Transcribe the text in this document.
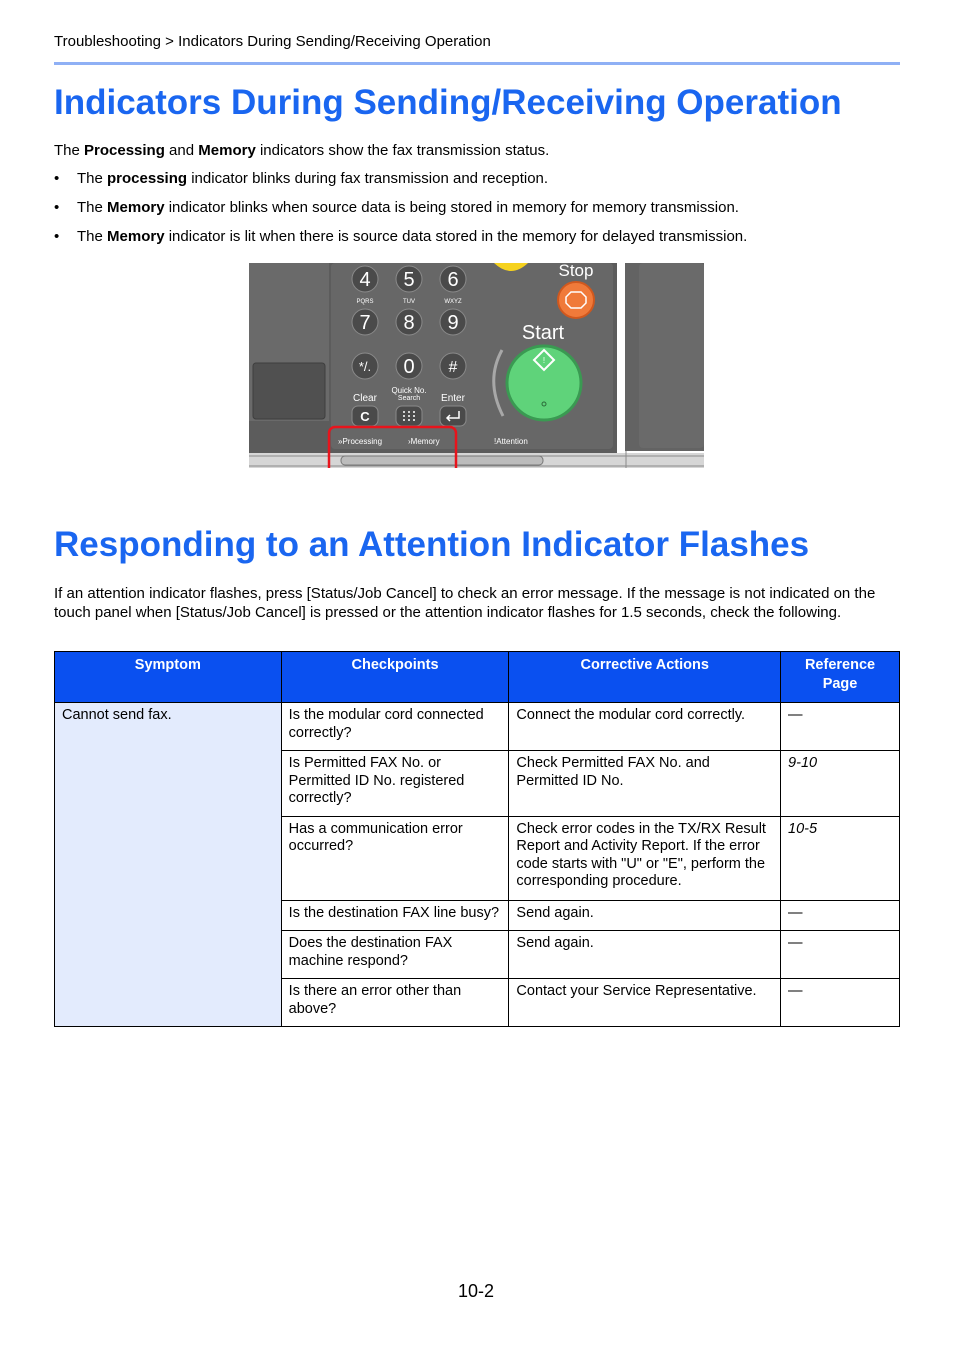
Troubleshooting > Indicators During Sending/Receiving Operation
Indicators During Sending/Receiving Operation

The Processing and Memory indicators show the fax transmission status.

• The processing indicator blinks during fax transmission and reception.
• The Memory indicator blinks when source data is being stored in memory for memory transmission.
• The Memory indicator is lit when there is source data stored in the memory for delayed transmission.
4 5 6
7 8 9
*/. 0 #
PQRS	TUV	WXYZ
Clear
Quick No.
Search Enter
C
»Processing	›Memory	!Attention
Stop
Start
!
Responding to an Attention Indicator Flashes

If an attention indicator flashes, press [Status/Job Cancel] to check an error message. If the message is not indicated on the touch panel when [Status/Job Cancel] is pressed or the attention indicator flashes for 1.5 seconds, check the following.

Symptom	Checkpoints	Corrective Actions	Reference Page
Cannot send fax.	Is the modular cord connected correctly?	Connect the modular cord correctly.	—
	Is Permitted FAX No. or Permitted ID No. registered correctly?	Check Permitted FAX No. and Permitted ID No.	9-10
	Has a communication error occurred?	Check error codes in the TX/RX Result Report and Activity Report. If the error code starts with "U" or "E", perform the corresponding procedure.	10-5
	Is the destination FAX line busy?	Send again.	—
	Does the destination FAX machine respond?	Send again.	—
	Is there an error other than above?	Contact your Service Representative.	—
10-2
